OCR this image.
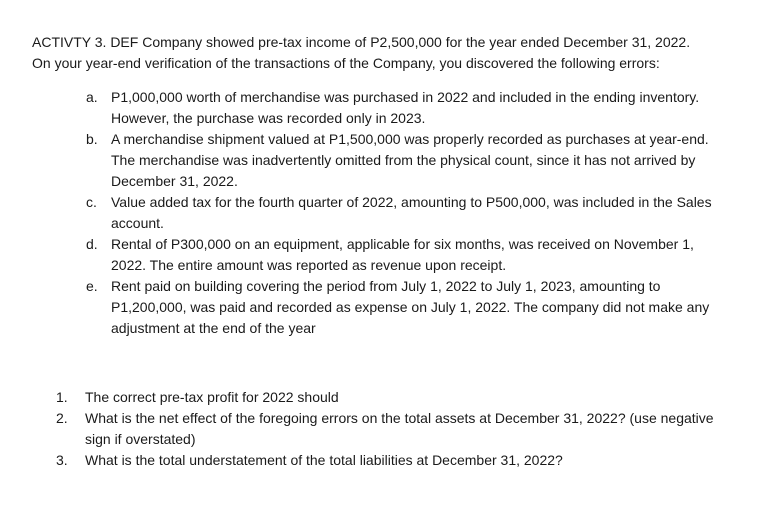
ACTIVTY 3. DEF Company showed pre-tax income of P2,500,000 for the year ended December 31, 2022.

On your year-end verification of the transactions of the Company, you discovered the following errors:

a. P1,000,000 worth of merchandise was purchased in 2022 and included in the ending inventory. However, the purchase was recorded only in 2023.
b. A merchandise shipment valued at P1,500,000 was properly recorded as purchases at year-end. The merchandise was inadvertently omitted from the physical count, since it has not arrived by December 31, 2022.
c.	Value added tax for the fourth quarter of 2022, amounting to P500,000, was included in the Sales account.
d. Rental of P300,000 on an equipment, applicable for six months, was received on November 1, 2022. The entire amount was reported as revenue upon receipt.
e. Rent paid on building covering the period from July 1, 2022 to July 1, 2023, amounting to P1,200,000, was paid and recorded as expense on July 1, 2022. The company did not make any adjustment at the end of the year
1.	The correct pre-tax profit for 2022 should
2.	What is the net effect of the foregoing errors on the total assets at December 31, 2022? (use negative sign if overstated)
3.	What is the total understatement of the total liabilities at December 31, 2022?
